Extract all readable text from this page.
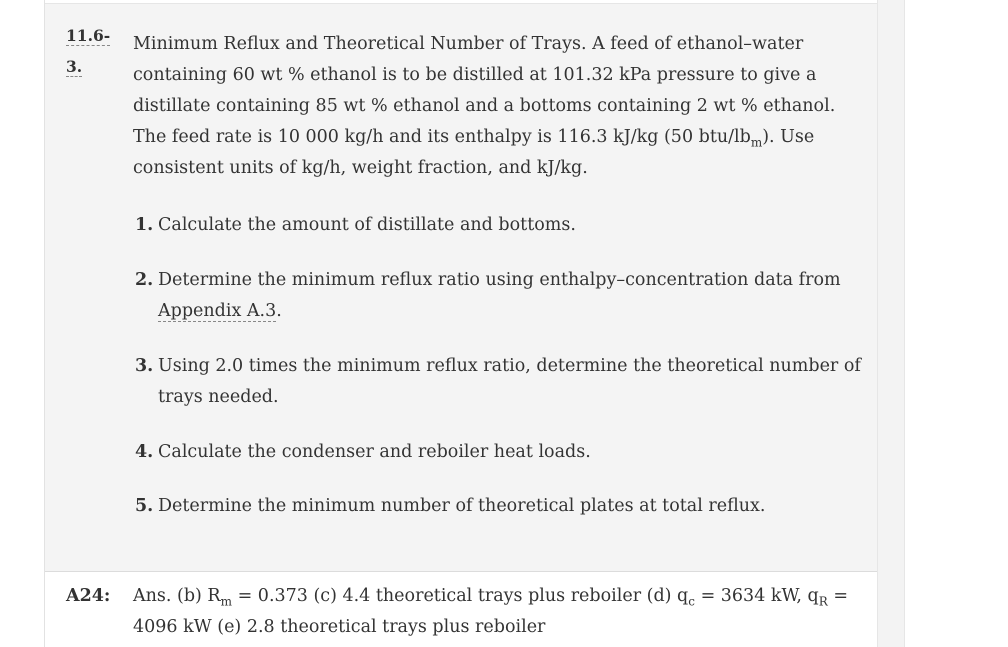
11.6-
3.
Minimum Reflux and Theoretical Number of Trays. A feed of ethanol–water containing 60 wt % ethanol is to be distilled at 101.32 kPa pressure to give a distillate containing 85 wt % ethanol and a bottoms containing 2 wt % ethanol. The feed rate is 10 000 kg/h and its enthalpy is 116.3 kJ/kg (50 btu/$lb_m$). Use consistent units of kg/h, weight fraction, and kJ/kg.
1. Calculate the amount of distillate and bottoms.
2. Determine the minimum reflux ratio using enthalpy–concentration data from Appendix A.3.
3. Using 2.0 times the minimum reflux ratio, determine the theoretical number of trays needed.
4. Calculate the condenser and reboiler heat loads.
5. Determine the minimum number of theoretical plates at total reflux.
A24: Ans. (b) $R_m = 0.373$ (c) 4.4 theoretical trays plus reboiler (d) $q_c = 3634$ kW, $q_R = 4096$ kW (e) 2.8 theoretical trays plus reboiler
